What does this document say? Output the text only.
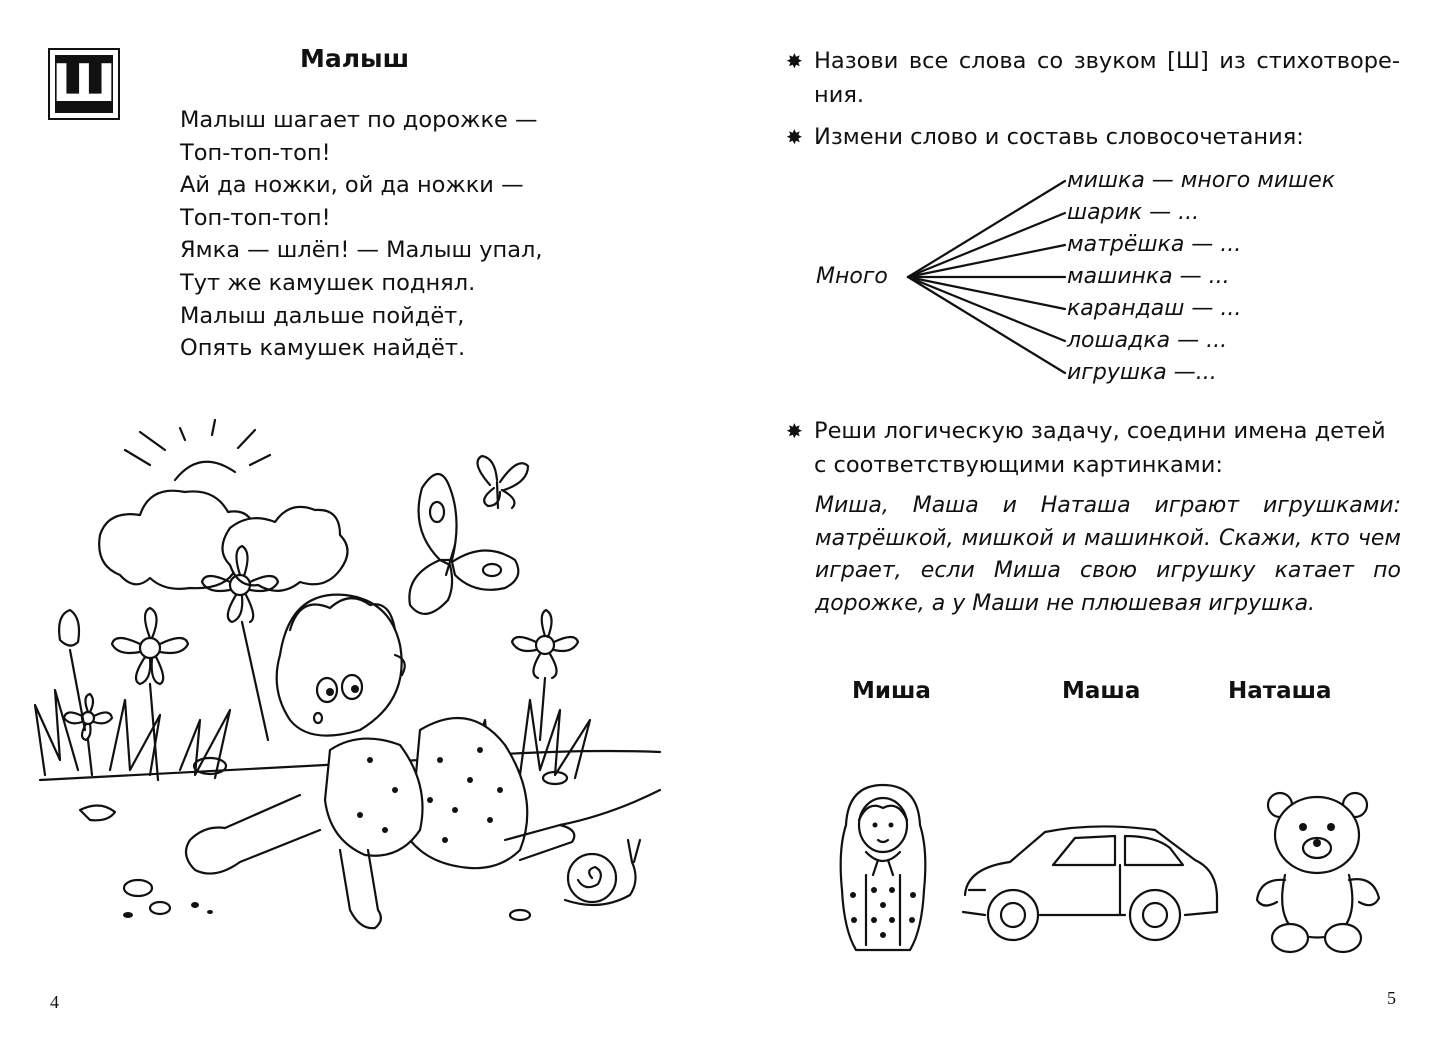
Ш	Малыш
Малыш шагает по дорожке —
Топ-топ-топ!
Ай да ножки, ой да ножки —
Топ-топ-топ!
Ямка — шлёп! — Малыш упал,
Тут же камушек поднял.
Малыш дальше пойдёт,
Опять камушек найдёт.
4
✸ Назови все слова со звуком [Ш] из стихотворе-ния.
✸ Измени слово и составь словосочетания:
Много
мишка — много мишек
шарик — ...
матрёшка — ...
машинка — ...
карандаш — ...
лошадка — ...
игрушка —...
✸ Реши логическую задачу, соедини имена детей с соответствующими картинками:
Миша, Маша и Наташа играют игрушками: матрёшкой, мишкой и машинкой. Скажи, кто чем играет, если Миша свою игрушку катает по дорожке, а у Маши не плюшевая игрушка.
Миша	Маша	Наташа
5
